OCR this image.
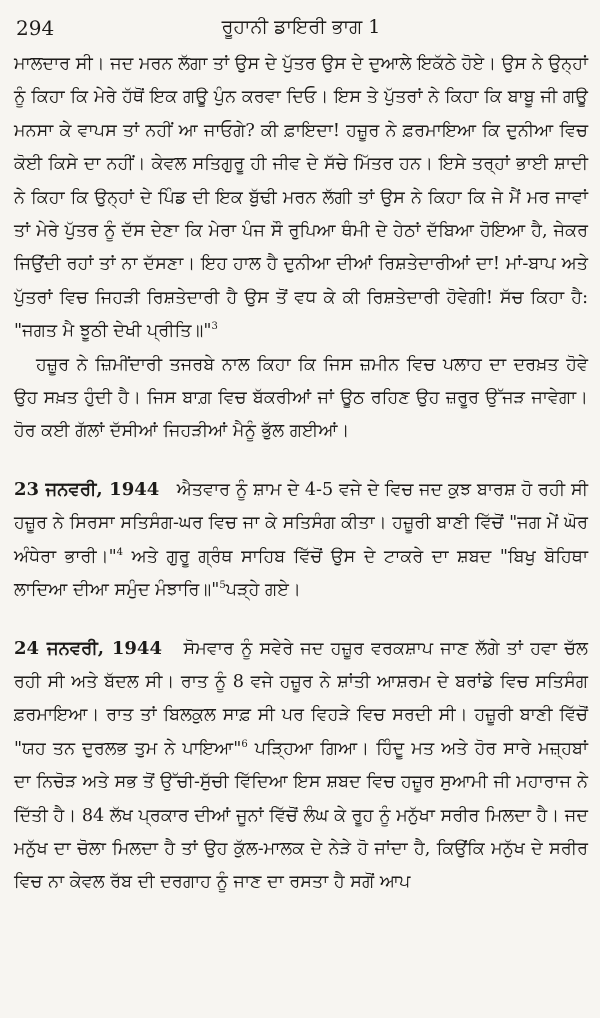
294	ਰੂਹਾਨੀ ਡਾਇਰੀ ਭਾਗ 1

ਮਾਲਦਾਰ ਸੀ। ਜਦ ਮਰਨ ਲੱਗਾ ਤਾਂ ਉਸ ਦੇ ਪੁੱਤਰ ਉਸ ਦੇ ਦੁਆਲੇ ਇਕੱਠੇ ਹੋਏ। ਉਸ ਨੇ ਉਨ੍ਹਾਂ ਨੂੰ ਕਿਹਾ ਕਿ ਮੇਰੇ ਹੱਥੋਂ ਇਕ ਗਊ ਪੁੰਨ ਕਰਵਾ ਦਿਓ। ਇਸ ਤੇ ਪੁੱਤਰਾਂ ਨੇ ਕਿਹਾ ਕਿ ਬਾਬੂ ਜੀ ਗਊ ਮਨਸਾ ਕੇ ਵਾਪਸ ਤਾਂ ਨਹੀਂ ਆ ਜਾਓਗੇ? ਕੀ ਫ਼ਾਇਦਾ! ਹਜ਼ੂਰ ਨੇ ਫ਼ਰਮਾਇਆ ਕਿ ਦੁਨੀਆ ਵਿਚ ਕੋਈ ਕਿਸੇ ਦਾ ਨਹੀਂ। ਕੇਵਲ ਸਤਿਗੁਰੂ ਹੀ ਜੀਵ ਦੇ ਸੱਚੇ ਮਿੱਤਰ ਹਨ। ਇਸੇ ਤਰ੍ਹਾਂ ਭਾਈ ਸ਼ਾਦੀ ਨੇ ਕਿਹਾ ਕਿ ਉਨ੍ਹਾਂ ਦੇ ਪਿੰਡ ਦੀ ਇਕ ਬੁੱਢੀ ਮਰਨ ਲੱਗੀ ਤਾਂ ਉਸ ਨੇ ਕਿਹਾ ਕਿ ਜੇ ਮੈਂ ਮਰ ਜਾਵਾਂ ਤਾਂ ਮੇਰੇ ਪੁੱਤਰ ਨੂੰ ਦੱਸ ਦੇਣਾ ਕਿ ਮੇਰਾ ਪੰਜ ਸੌ ਰੁਪਿਆ ਥੰਮੀ ਦੇ ਹੇਠਾਂ ਦੱਬਿਆ ਹੋਇਆ ਹੈ, ਜੇਕਰ ਜਿਉਂਦੀ ਰਹਾਂ ਤਾਂ ਨਾ ਦੱਸਣਾ। ਇਹ ਹਾਲ ਹੈ ਦੁਨੀਆ ਦੀਆਂ ਰਿਸ਼ਤੇਦਾਰੀਆਂ ਦਾ! ਮਾਂ-ਬਾਪ ਅਤੇ ਪੁੱਤਰਾਂ ਵਿਚ ਜਿਹੜੀ ਰਿਸ਼ਤੇਦਾਰੀ ਹੈ ਉਸ ਤੋਂ ਵਧ ਕੇ ਕੀ ਰਿਸ਼ਤੇਦਾਰੀ ਹੋਵੇਗੀ! ਸੱਚ ਕਿਹਾ ਹੈ: "ਜਗਤ ਮੈ ਝੂਠੀ ਦੇਖੀ ਪ੍ਰੀਤਿ॥"$^3$

ਹਜ਼ੂਰ ਨੇ ਜ਼ਿਮੀਂਦਾਰੀ ਤਜਰਬੇ ਨਾਲ ਕਿਹਾ ਕਿ ਜਿਸ ਜ਼ਮੀਨ ਵਿਚ ਪਲਾਹ ਦਾ ਦਰਖ਼ਤ ਹੋਵੇ ਉਹ ਸਖ਼ਤ ਹੁੰਦੀ ਹੈ। ਜਿਸ ਬਾਗ਼ ਵਿਚ ਬੱਕਰੀਆਂ ਜਾਂ ਊਠ ਰਹਿਣ ਉਹ ਜ਼ਰੂਰ ਉੱਜੜ ਜਾਵੇਗਾ। ਹੋਰ ਕਈ ਗੱਲਾਂ ਦੱਸੀਆਂ ਜਿਹੜੀਆਂ ਮੈਨੂੰ ਭੁੱਲ ਗਈਆਂ।

23 ਜਨਵਰੀ, 1944 ਐਤਵਾਰ ਨੂੰ ਸ਼ਾਮ ਦੇ 4-5 ਵਜੇ ਦੇ ਵਿਚ ਜਦ ਕੁਝ ਬਾਰਸ਼ ਹੋ ਰਹੀ ਸੀ ਹਜ਼ੂਰ ਨੇ ਸਿਰਸਾ ਸਤਿਸੰਗ-ਘਰ ਵਿਚ ਜਾ ਕੇ ਸਤਿਸੰਗ ਕੀਤਾ। ਹਜ਼ੂਰੀ ਬਾਣੀ ਵਿੱਚੋਂ "ਜਗ ਮੇਂ ਘੋਰ ਅੰਧੇਰਾ ਭਾਰੀ।"$^4$ ਅਤੇ ਗੁਰੂ ਗ੍ਰੰਥ ਸਾਹਿਬ ਵਿੱਚੋਂ ਉਸ ਦੇ ਟਾਕਰੇ ਦਾ ਸ਼ਬਦ "ਬਿਖੁ ਬੋਹਿਥਾ ਲਾਦਿਆ ਦੀਆ ਸਮੁੰਦ ਮੰਝਾਰਿ॥"$^5$ਪੜ੍ਹੇ ਗਏ।

24 ਜਨਵਰੀ, 1944 ਸੋਮਵਾਰ ਨੂੰ ਸਵੇਰੇ ਜਦ ਹਜ਼ੂਰ ਵਰਕਸ਼ਾਪ ਜਾਣ ਲੱਗੇ ਤਾਂ ਹਵਾ ਚੱਲ ਰਹੀ ਸੀ ਅਤੇ ਬੱਦਲ ਸੀ। ਰਾਤ ਨੂੰ 8 ਵਜੇ ਹਜ਼ੂਰ ਨੇ ਸ਼ਾਂਤੀ ਆਸ਼ਰਮ ਦੇ ਬਰਾਂਡੇ ਵਿਚ ਸਤਿਸੰਗ ਫ਼ਰਮਾਇਆ। ਰਾਤ ਤਾਂ ਬਿਲਕੁਲ ਸਾਫ਼ ਸੀ ਪਰ ਵਿਹੜੇ ਵਿਚ ਸਰਦੀ ਸੀ। ਹਜ਼ੂਰੀ ਬਾਣੀ ਵਿੱਚੋਂ "ਯਹ ਤਨ ਦੁਰਲਭ ਤੁਮ ਨੇ ਪਾਇਆ"$^6$ ਪੜ੍ਹਿਆ ਗਿਆ। ਹਿੰਦੂ ਮਤ ਅਤੇ ਹੋਰ ਸਾਰੇ ਮਜ਼੍ਹਬਾਂ ਦਾ ਨਿਚੋੜ ਅਤੇ ਸਭ ਤੋਂ ਉੱਚੀ-ਸੁੱਚੀ ਵਿੱਦਿਆ ਇਸ ਸ਼ਬਦ ਵਿਚ ਹਜ਼ੂਰ ਸੁਆਮੀ ਜੀ ਮਹਾਰਾਜ ਨੇ ਦਿੱਤੀ ਹੈ। 84 ਲੱਖ ਪ੍ਰਕਾਰ ਦੀਆਂ ਜੂਨਾਂ ਵਿੱਚੋਂ ਲੰਘ ਕੇ ਰੂਹ ਨੂੰ ਮਨੁੱਖਾ ਸਰੀਰ ਮਿਲਦਾ ਹੈ। ਜਦ ਮਨੁੱਖ ਦਾ ਚੋਲਾ ਮਿਲਦਾ ਹੈ ਤਾਂ ਉਹ ਕੁੱਲ-ਮਾਲਕ ਦੇ ਨੇੜੇ ਹੋ ਜਾਂਦਾ ਹੈ, ਕਿਉਂਕਿ ਮਨੁੱਖ ਦੇ ਸਰੀਰ ਵਿਚ ਨਾ ਕੇਵਲ ਰੱਬ ਦੀ ਦਰਗਾਹ ਨੂੰ ਜਾਣ ਦਾ ਰਸਤਾ ਹੈ ਸਗੋਂ ਆਪ
